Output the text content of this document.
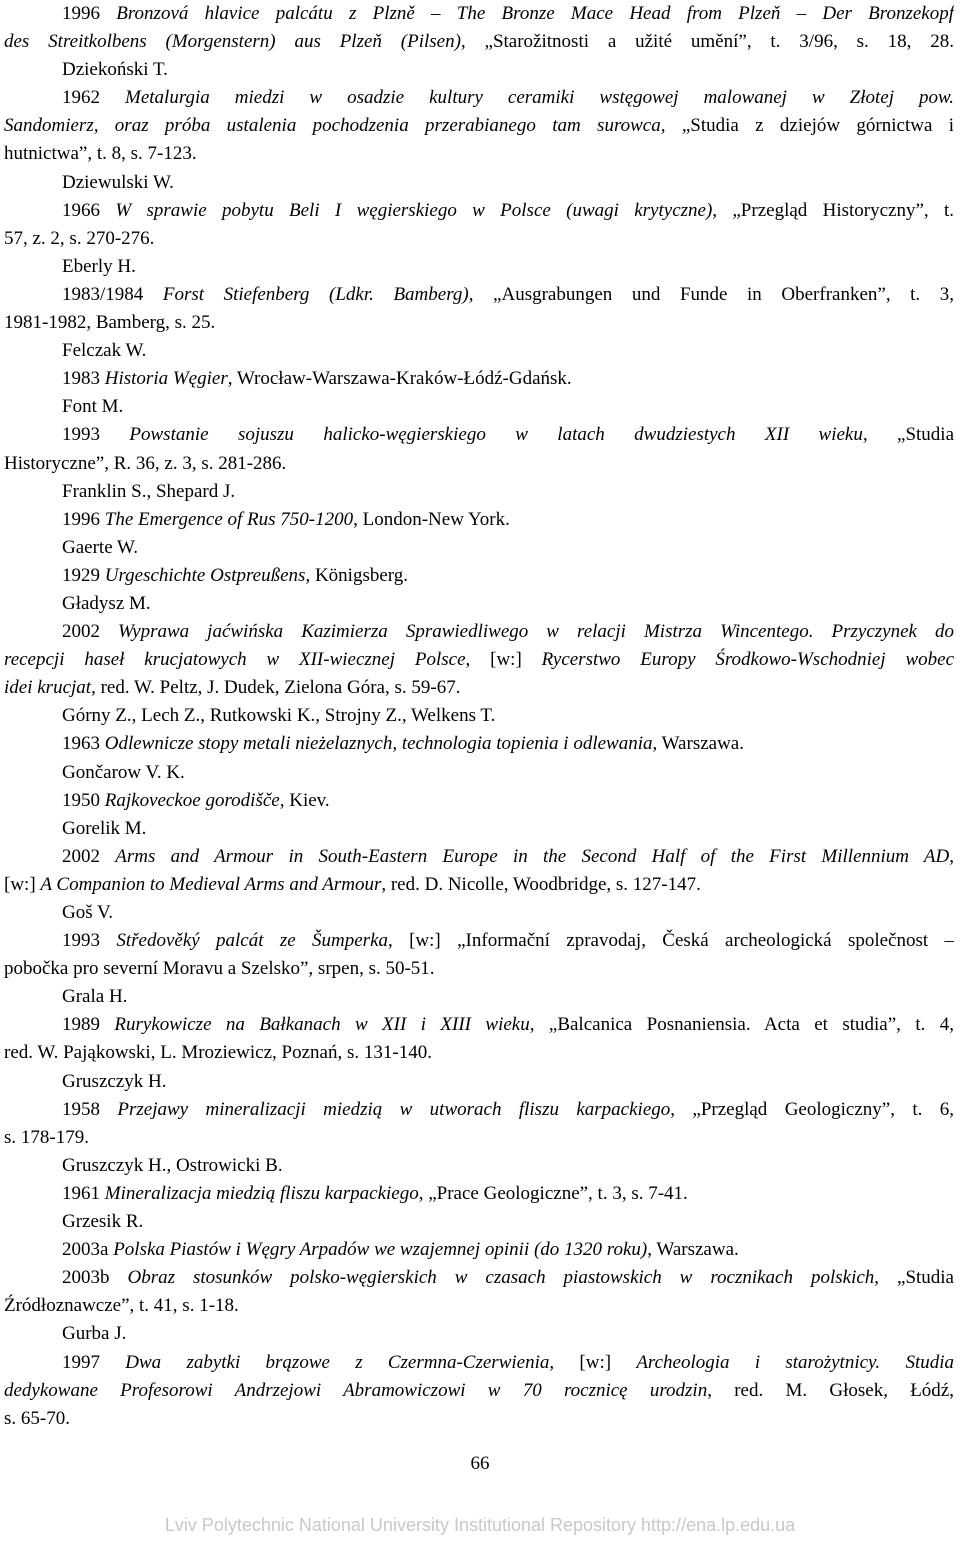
1996 Bronzová hlavice palcátu z Plzně – The Bronze Mace Head from Plzeň – Der Bronzekopf
des Streitkolbens (Morgenstern) aus Plzeň (Pilsen), „Starožitnosti a užité umění”, t. 3/96, s. 18, 28.
Dziekoński T.
1962 Metalurgia miedzi w osadzie kultury ceramiki wstęgowej malowanej w Złotej pow.
Sandomierz, oraz próba ustalenia pochodzenia przerabianego tam surowca, „Studia z dziejów górnictwa i
hutnictwa”, t. 8, s. 7-123.
Dziewulski W.
1966 W sprawie pobytu Beli I węgierskiego w Polsce (uwagi krytyczne), „Przegląd Historyczny”, t.
57, z. 2, s. 270-276.
Eberly H.
1983/1984 Forst Stiefenberg (Ldkr. Bamberg), „Ausgrabungen und Funde in Oberfranken”, t. 3,
1981-1982, Bamberg, s. 25.
Felczak W.
1983 Historia Węgier, Wrocław-Warszawa-Kraków-Łódź-Gdańsk.
Font M.
1993 Powstanie sojuszu halicko-węgierskiego w latach dwudziestych XII wieku, „Studia
Historyczne”, R. 36, z. 3, s. 281-286.
Franklin S., Shepard J.
1996 The Emergence of Rus 750-1200, London-New York.
Gaerte W.
1929 Urgeschichte Ostpreußens, Königsberg.
Gładysz M.
2002 Wyprawa jaćwińska Kazimierza Sprawiedliwego w relacji Mistrza Wincentego. Przyczynek do
recepcji haseł krucjatowych w XII-wiecznej Polsce, [w:] Rycerstwo Europy Środkowo-Wschodniej wobec
idei krucjat, red. W. Peltz, J. Dudek, Zielona Góra, s. 59-67.
Górny Z., Lech Z., Rutkowski K., Strojny Z., Welkens T.
1963 Odlewnicze stopy metali nieżelaznych, technologia topienia i odlewania, Warszawa.
Gončarow V. K.
1950 Rajkoveckoe gorodišče, Kiev.
Gorelik M.
2002 Arms and Armour in South-Eastern Europe in the Second Half of the First Millennium AD,
[w:] A Companion to Medieval Arms and Armour, red. D. Nicolle, Woodbridge, s. 127-147.
Goš V.
1993 Středověký palcát ze Šumperka, [w:] „Informační zpravodaj, Česká archeologická společnost –
pobočka pro severní Moravu a Szelsko”, srpen, s. 50-51.
Grala H.
1989 Rurykowicze na Bałkanach w XII i XIII wieku, „Balcanica Posnaniensia. Acta et studia”, t. 4,
red. W. Pająkowski, L. Mroziewicz, Poznań, s. 131-140.
Gruszczyk H.
1958 Przejawy mineralizacji miedzią w utworach fliszu karpackiego, „Przegląd Geologiczny”, t. 6,
s. 178-179.
Gruszczyk H., Ostrowicki B.
1961 Mineralizacja miedzią fliszu karpackiego, „Prace Geologiczne”, t. 3, s. 7-41.
Grzesik R.
2003a Polska Piastów i Węgry Arpadów we wzajemnej opinii (do 1320 roku), Warszawa.
2003b Obraz stosunków polsko-węgierskich w czasach piastowskich w rocznikach polskich, „Studia
Źródłoznawcze”, t. 41, s. 1-18.
Gurba J.
1997 Dwa zabytki brązowe z Czermna-Czerwienia, [w:] Archeologia i starożytnicy. Studia
dedykowane Profesorowi Andrzejowi Abramowiczowi w 70 rocznicę urodzin, red. M. Głosek, Łódź,
s. 65-70.
66
Lviv Polytechnic National University Institutional Repository http://ena.lp.edu.ua
